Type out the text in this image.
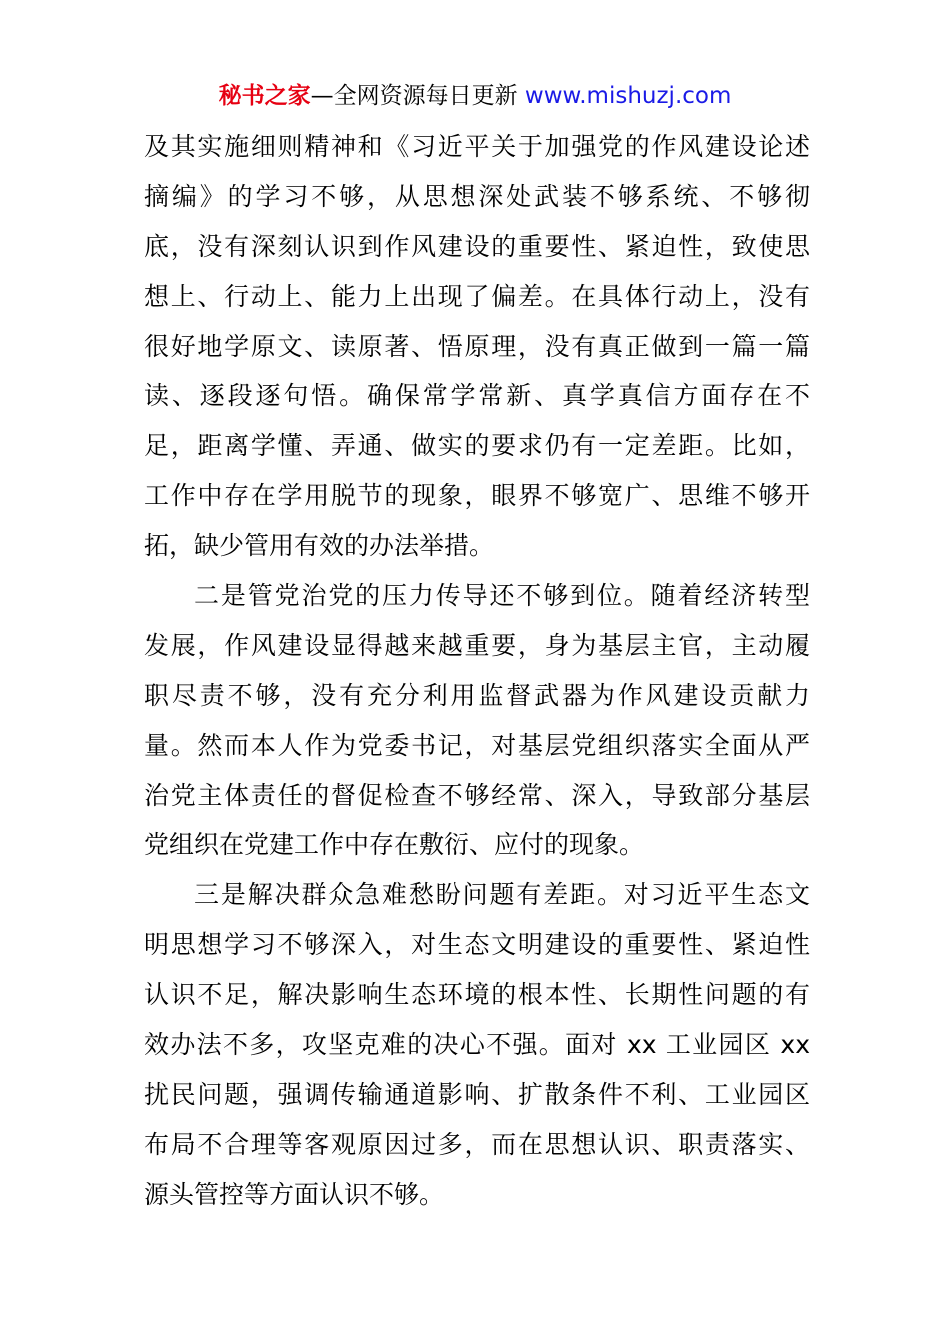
秘书之家—全网资源每日更新 www.mishuzj.com
及其实施细则精神和《习近平关于加强党的作风建设论述
摘编》的学习不够，从思想深处武装不够系统、不够彻
底，没有深刻认识到作风建设的重要性、紧迫性，致使思
想上、行动上、能力上出现了偏差。在具体行动上，没有
很好地学原文、读原著、悟原理，没有真正做到一篇一篇
读、逐段逐句悟。确保常学常新、真学真信方面存在不
足，距离学懂、弄通、做实的要求仍有一定差距。比如，
工作中存在学用脱节的现象，眼界不够宽广、思维不够开
拓，缺少管用有效的办法举措。
二是管党治党的压力传导还不够到位。随着经济转型
发展，作风建设显得越来越重要，身为基层主官，主动履
职尽责不够，没有充分利用监督武器为作风建设贡献力
量。然而本人作为党委书记，对基层党组织落实全面从严
治党主体责任的督促检查不够经常、深入，导致部分基层
党组织在党建工作中存在敷衍、应付的现象。
三是解决群众急难愁盼问题有差距。对习近平生态文
明思想学习不够深入，对生态文明建设的重要性、紧迫性
认识不足，解决影响生态环境的根本性、长期性问题的有
效办法不多，攻坚克难的决心不强。面对 xx 工业园区 xx
扰民问题，强调传输通道影响、扩散条件不利、工业园区
布局不合理等客观原因过多，而在思想认识、职责落实、
源头管控等方面认识不够。
